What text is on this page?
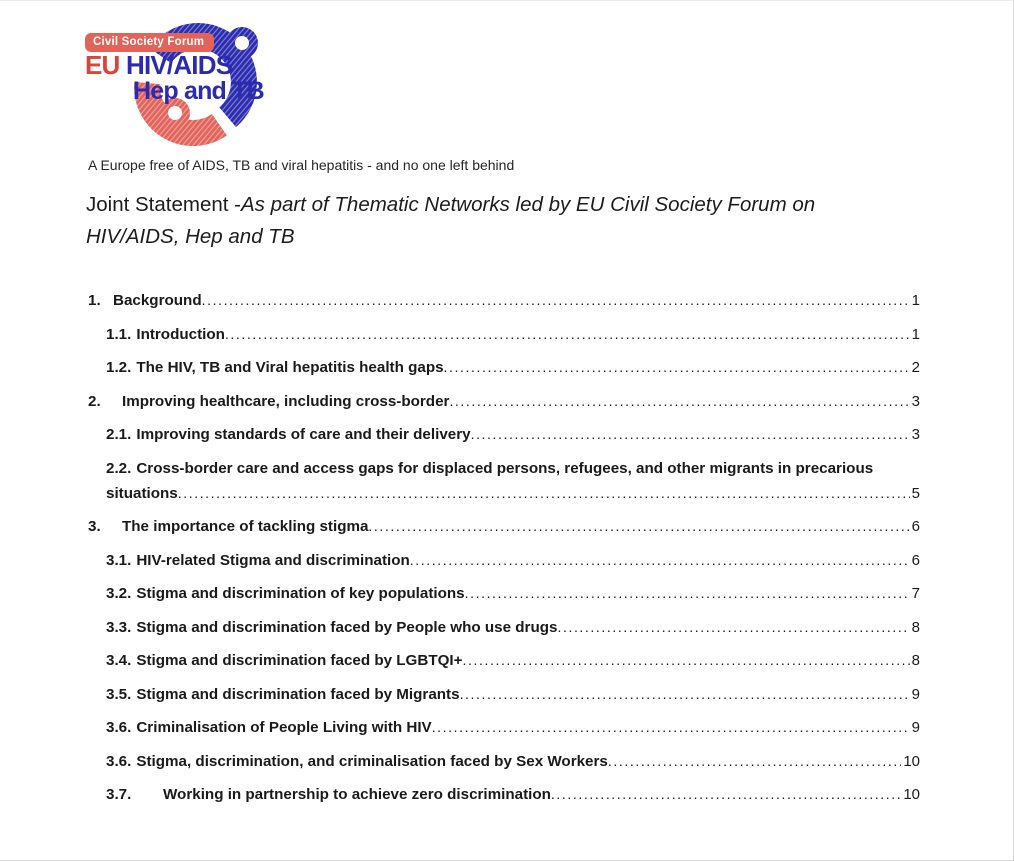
Civil Society Forum
EU HIV/AIDS
Hep and TB
A Europe free of AIDS, TB and viral hepatitis - and no one left behind
Joint Statement -As part of Thematic Networks led by EU Civil Society Forum on HIV/AIDS, Hep and TB
1. Background .....	1
1.1. Introduction .....	1
1.2. The HIV, TB and Viral hepatitis health gaps .....	2
2.	Improving healthcare, including cross-border .....	3
2.1. Improving standards of care and their delivery .....	3
2.2. Cross-border care and access gaps for displaced persons, refugees, and other migrants in precarious
situations .....	5
3.	The importance of tackling stigma .....	6
3.1. HIV-related Stigma and discrimination .....	6
3.2. Stigma and discrimination of key populations .....	7
3.3. Stigma and discrimination faced by People who use drugs .....	8
3.4. Stigma and discrimination faced by LGBTQI+ .....	8
3.5. Stigma and discrimination faced by Migrants .....	9
3.6. Criminalisation of People Living with HIV .....	9
3.6. Stigma, discrimination, and criminalisation faced by Sex Workers .....	10
3.7.	Working in partnership to achieve zero discrimination .....	10
